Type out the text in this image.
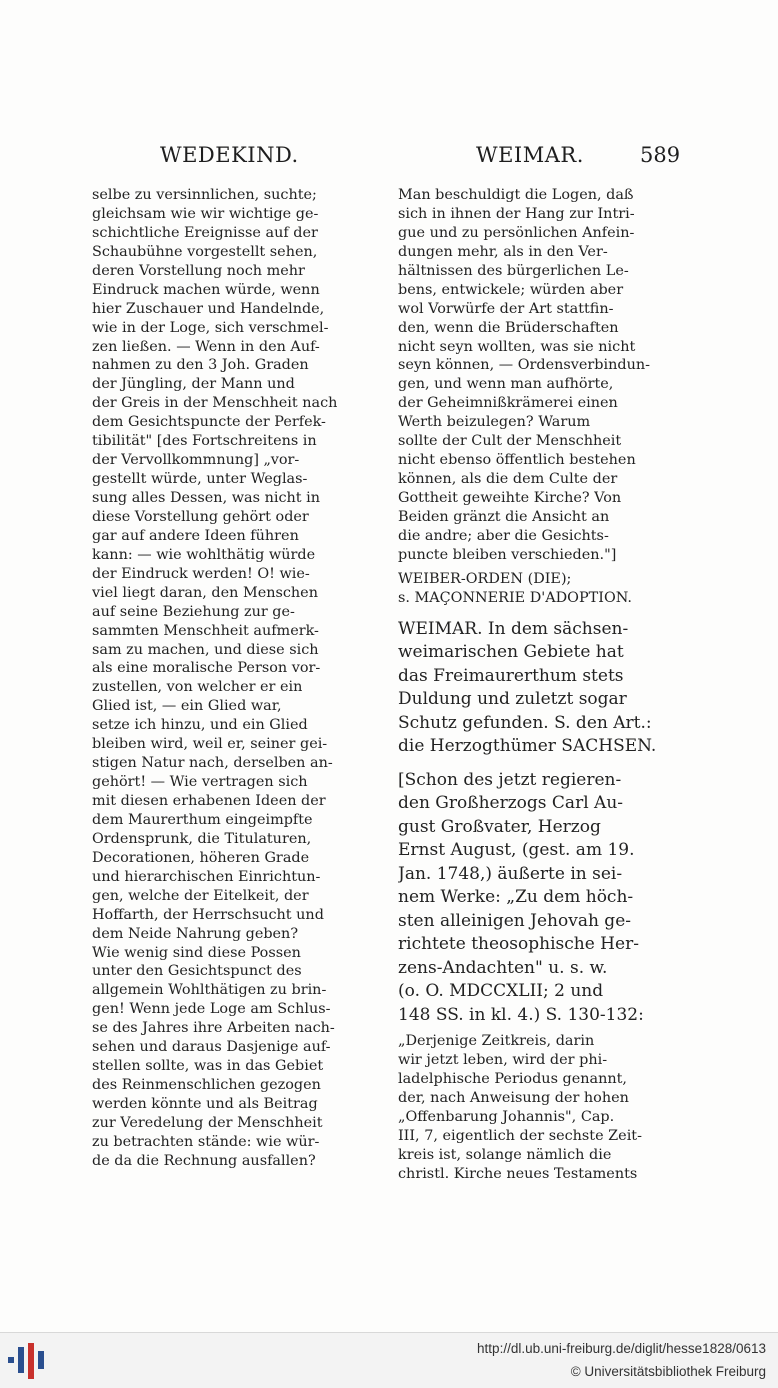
WEDEKIND.	WEIMAR.	589
selbe zu versinnlichen, suchte;
gleichsam wie wir wichtige ge-
schichtliche Ereignisse auf der
Schaubühne vorgestellt sehen,
deren Vorstellung noch mehr
Eindruck machen würde, wenn
hier Zuschauer und Handelnde,
wie in der Loge, sich verschmel-
zen ließen. — Wenn in den Auf-
nahmen zu den 3 Joh. Graden
der Jüngling, der Mann und
der Greis in der Menschheit nach
dem Gesichtspuncte der Perfek-
tibilität" [des Fortschreitens in
der Vervollkommnung] „vor-
gestellt würde, unter Weglas-
sung alles Dessen, was nicht in
diese Vorstellung gehört oder
gar auf andere Ideen führen
kann: — wie wohlthätig würde
der Eindruck werden! O! wie-
viel liegt daran, den Menschen
auf seine Beziehung zur ge-
sammten Menschheit aufmerk-
sam zu machen, und diese sich
als eine moralische Person vor-
zustellen, von welcher er ein
Glied ist, — ein Glied war,
setze ich hinzu, und ein Glied
bleiben wird, weil er, seiner gei-
stigen Natur nach, derselben an-
gehört! — Wie vertragen sich
mit diesen erhabenen Ideen der
dem Maurerthum eingeimpfte
Ordensprunk, die Titulaturen,
Decorationen, höheren Grade
und hierarchischen Einrichtun-
gen, welche der Eitelkeit, der
Hoffarth, der Herrschsucht und
dem Neide Nahrung geben?
Wie wenig sind diese Possen
unter den Gesichtspunct des
allgemein Wohlthätigen zu brin-
gen! Wenn jede Loge am Schlus-
se des Jahres ihre Arbeiten nach-
sehen und daraus Dasjenige auf-
stellen sollte, was in das Gebiet
des Reinmenschlichen gezogen
werden könnte und als Beitrag
zur Veredelung der Menschheit
zu betrachten stände: wie wür-
de da die Rechnung ausfallen?
Man beschuldigt die Logen, daß
sich in ihnen der Hang zur Intri-
gue und zu persönlichen Anfein-
dungen mehr, als in den Ver-
hältnissen des bürgerlichen Le-
bens, entwickele; würden aber
wol Vorwürfe der Art stattfin-
den, wenn die Brüderschaften
nicht seyn wollten, was sie nicht
seyn können, — Ordensverbindun-
gen, und wenn man aufhörte,
der Geheimnißkrämerei einen
Werth beizulegen? Warum
sollte der Cult der Menschheit
nicht ebenso öffentlich bestehen
können, als die dem Culte der
Gottheit geweihte Kirche? Von
Beiden gränzt die Ansicht an
die andre; aber die Gesichts-
puncte bleiben verschieden."]
WEIBER-ORDEN (DIE);
s. MAÇONNERIE D'ADOPTION.
WEIMAR. In dem sächsen-
weimarischen Gebiete hat
das Freimaurerthum stets
Duldung und zuletzt sogar
Schutz gefunden. S. den Art.:
die Herzogthümer SACHSEN.
[Schon des jetzt regieren-
den Großherzogs Carl Au-
gust Großvater, Herzog
Ernst August, (gest. am 19.
Jan. 1748,) äußerte in sei-
nem Werke: „Zu dem höch-
sten alleinigen Jehovah ge-
richtete theosophische Her-
zens-Andachten" u. s. w.
(o. O. MDCCXLII; 2 und
148 SS. in kl. 4.) S. 130-132:
„Derjenige Zeitkreis, darin
wir jetzt leben, wird der phi-
ladelphische Periodus genannt,
der, nach Anweisung der hohen
„Offenbarung Johannis", Cap.
III, 7, eigentlich der sechste Zeit-
kreis ist, solange nämlich die
christl. Kirche neues Testaments
http://dl.ub.uni-freiburg.de/diglit/hesse1828/0613
© Universitätsbibliothek Freiburg
